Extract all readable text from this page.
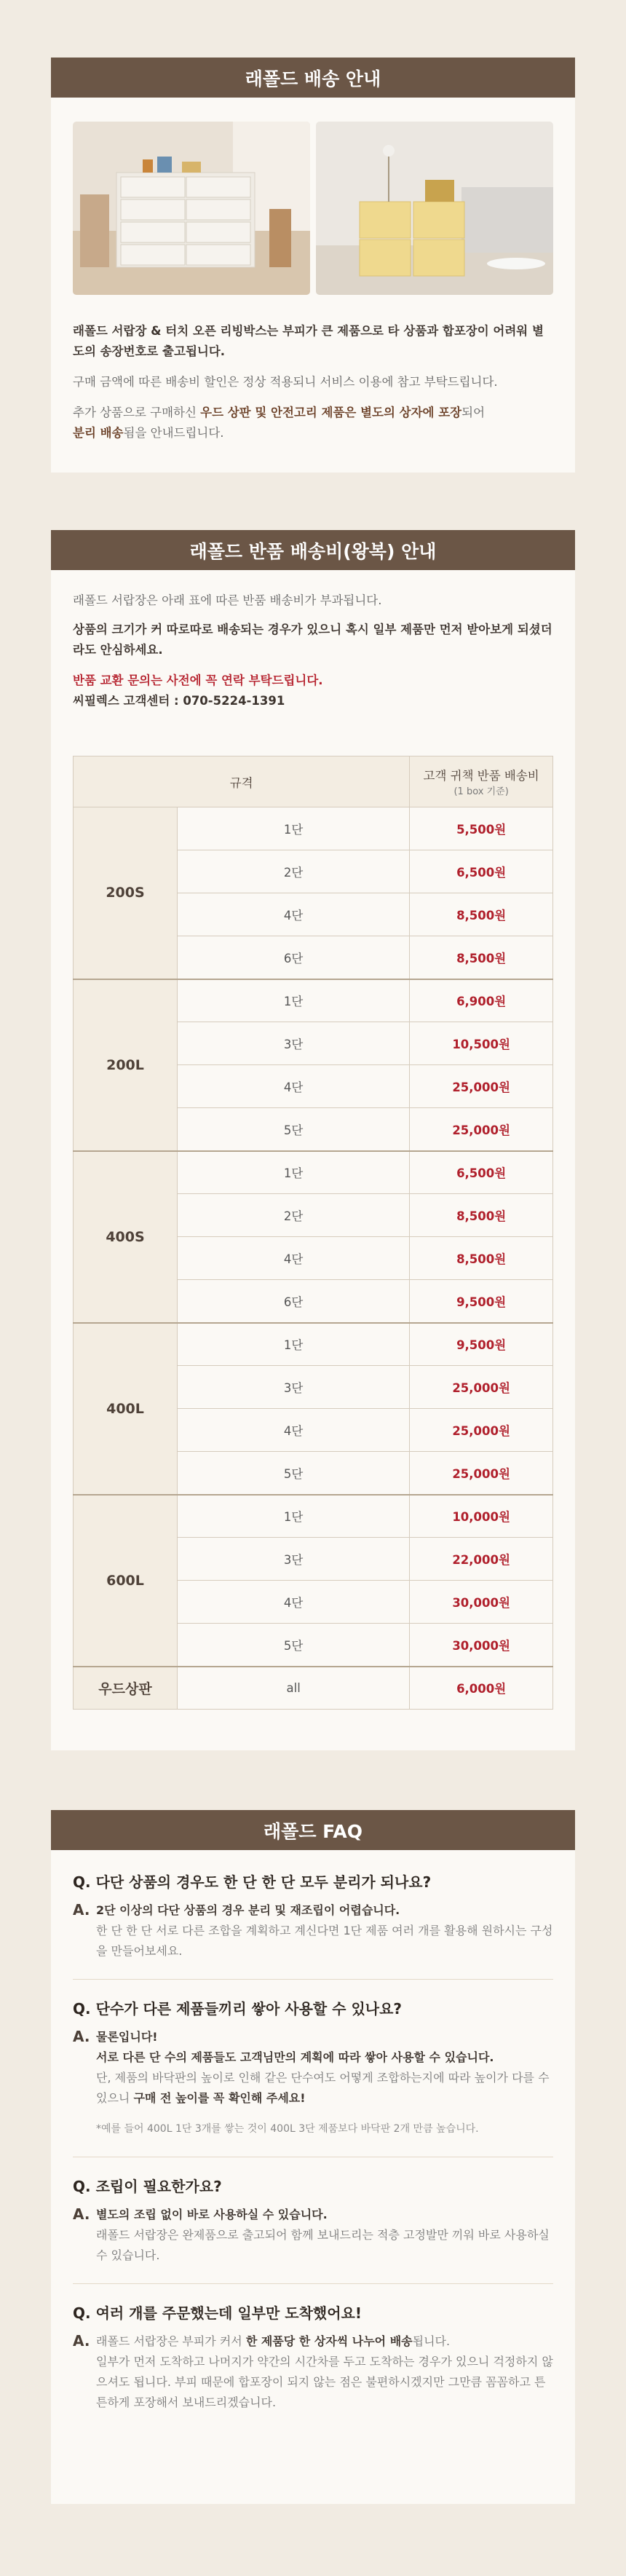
래폴드 배송 안내

래폴드 서랍장 & 터치 오픈 리빙박스는 부피가 큰 제품으로 타 상품과 합포장이 어려워 별도의 송장번호로 출고됩니다.

구매 금액에 따른 배송비 할인은 정상 적용되니 서비스 이용에 참고 부탁드립니다.

추가 상품으로 구매하신 우드 상판 및 안전고리 제품은 별도의 상자에 포장되어
분리 배송됨을 안내드립니다.

래폴드 반품 배송비(왕복) 안내

래폴드 서랍장은 아래 표에 따른 반품 배송비가 부과됩니다.

상품의 크기가 커 따로따로 배송되는 경우가 있으니 혹시 일부 제품만 먼저 받아보게 되셨더라도 안심하세요.

반품 교환 문의는 사전에 꼭 연락 부탁드립니다.

씨필렉스 고객센터 : 070-5224-1391

규격		고객 귀책 반품 배송비
(1 box 기준)

200S	1단	5,500원
	2단	6,500원
	4단	8,500원
	6단	8,500원
200L	1단	6,900원
	3단	10,500원
	4단	25,000원
	5단	25,000원
400S	1단	6,500원
	2단	8,500원
	4단	8,500원
	6단	9,500원
400L	1단	9,500원
	3단	25,000원
	4단	25,000원
	5단	25,000원
600L	1단	10,000원
	3단	22,000원
	4단	30,000원
	5단	30,000원
우드상판	all	6,000원
래폴드 FAQ
Q. 다단 상품의 경우도 한 단 한 단 모두 분리가 되나요?
A. 2단 이상의 다단 상품의 경우 분리 및 재조립이 어렵습니다.
한 단 한 단 서로 다른 조합을 계획하고 계신다면 1단 제품 여러 개를 활용해 원하시는 구성을 만들어보세요.
Q. 단수가 다른 제품들끼리 쌓아 사용할 수 있나요?
A. 물론입니다!
서로 다른 단 수의 제품들도 고객님만의 계획에 따라 쌓아 사용할 수 있습니다.
단, 제품의 바닥판의 높이로 인해 같은 단수여도 어떻게 조합하는지에 따라 높이가 다를 수 있으니 구매 전 높이를 꼭 확인해 주세요!
*예를 들어 400L 1단 3개를 쌓는 것이 400L 3단 제품보다 바닥판 2개 만큼 높습니다.
Q. 조립이 필요한가요?
A. 별도의 조립 없이 바로 사용하실 수 있습니다.
래폴드 서랍장은 완제품으로 출고되어 함께 보내드리는 적층 고정발만 끼워 바로 사용하실 수 있습니다.
Q. 여러 개를 주문했는데 일부만 도착했어요!
A. 래폴드 서랍장은 부피가 커서 한 제품당 한 상자씩 나누어 배송됩니다.
일부가 먼저 도착하고 나머지가 약간의 시간차를 두고 도착하는 경우가 있으니 걱정하지 않으셔도 됩니다. 부피 때문에 합포장이 되지 않는 점은 불편하시겠지만 그만큼 꼼꼼하고 튼튼하게 포장해서 보내드리겠습니다.
